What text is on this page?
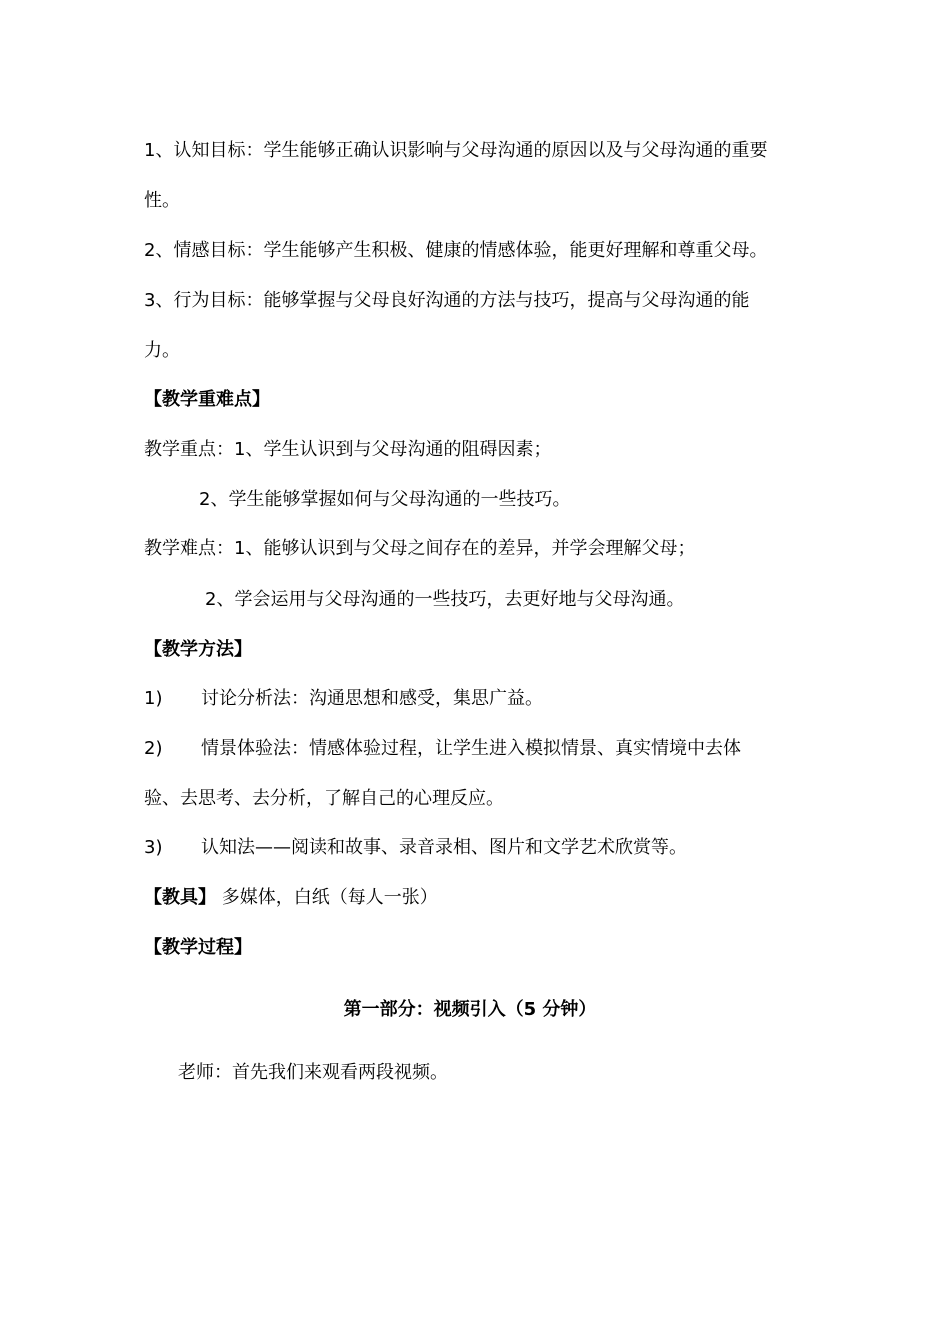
1、认知目标：学生能够正确认识影响与父母沟通的原因以及与父母沟通的重要
性。
2、情感目标：学生能够产生积极、健康的情感体验，能更好理解和尊重父母。
3、行为目标：能够掌握与父母良好沟通的方法与技巧，提高与父母沟通的能
力。
【教学重难点】
教学重点：1、学生认识到与父母沟通的阻碍因素；
2、学生能够掌握如何与父母沟通的一些技巧。
教学难点：1、能够认识到与父母之间存在的差异，并学会理解父母；
2、学会运用与父母沟通的一些技巧，去更好地与父母沟通。
【教学方法】
1) 讨论分析法：沟通思想和感受，集思广益。
2) 情景体验法：情感体验过程，让学生进入模拟情景、真实情境中去体
验、去思考、去分析，了解自己的心理反应。
3) 认知法——阅读和故事、录音录相、图片和文学艺术欣赏等。
【教具】 多媒体，白纸（每人一张）
【教学过程】
第一部分：视频引入（5 分钟）
老师：首先我们来观看两段视频。
